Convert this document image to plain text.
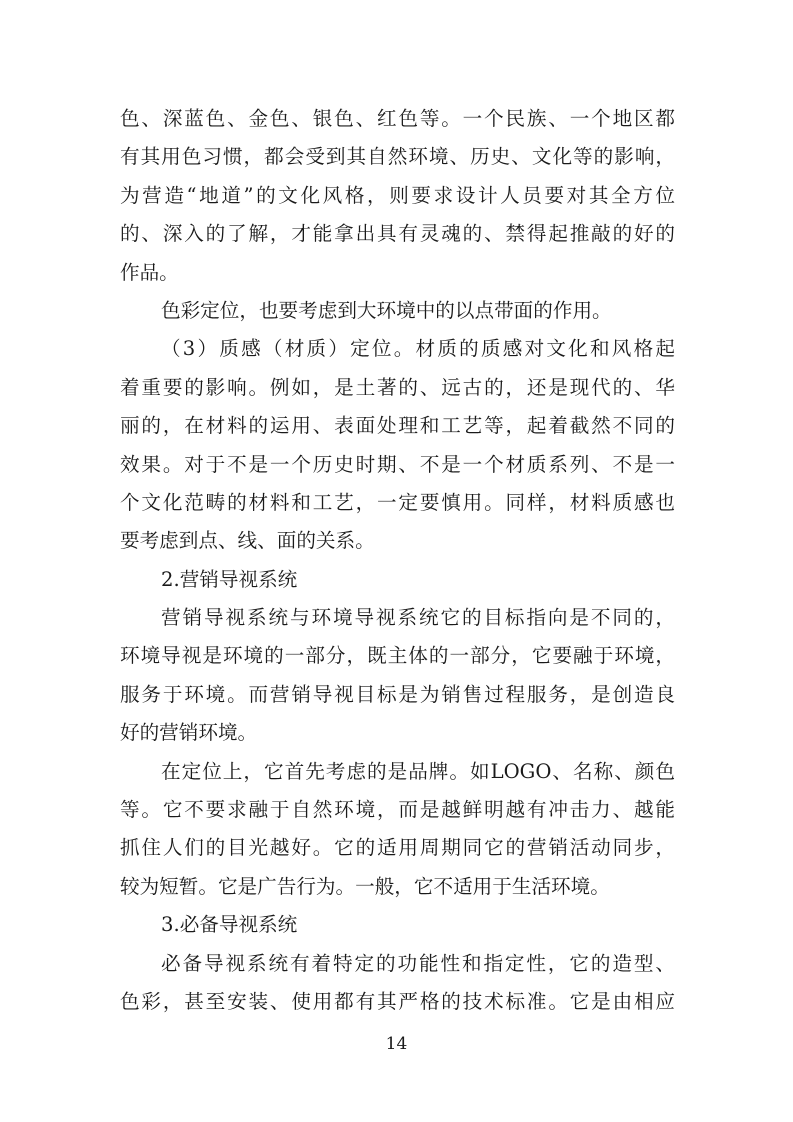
色、深蓝色、金色、银色、红色等。一个民族、一个地区都
有其用色习惯，都会受到其自然环境、历史、文化等的影响，
为营造“地道”的文化风格，则要求设计人员要对其全方位
的、深入的了解，才能拿出具有灵魂的、禁得起推敲的好的
作品。
色彩定位，也要考虑到大环境中的以点带面的作用。
（3）质感（材质）定位。材质的质感对文化和风格起
着重要的影响。例如，是土著的、远古的，还是现代的、华
丽的，在材料的运用、表面处理和工艺等，起着截然不同的
效果。对于不是一个历史时期、不是一个材质系列、不是一
个文化范畴的材料和工艺，一定要慎用。同样，材料质感也
要考虑到点、线、面的关系。
2.营销导视系统
营销导视系统与环境导视系统它的目标指向是不同的，
环境导视是环境的一部分，既主体的一部分，它要融于环境，
服务于环境。而营销导视目标是为销售过程服务，是创造良
好的营销环境。
在定位上，它首先考虑的是品牌。如LOGO、名称、颜色
等。它不要求融于自然环境，而是越鲜明越有冲击力、越能
抓住人们的目光越好。它的适用周期同它的营销活动同步，
较为短暂。它是广告行为。一般，它不适用于生活环境。
3.必备导视系统
必备导视系统有着特定的功能性和指定性，它的造型、
色彩，甚至安装、使用都有其严格的技术标准。它是由相应
14
